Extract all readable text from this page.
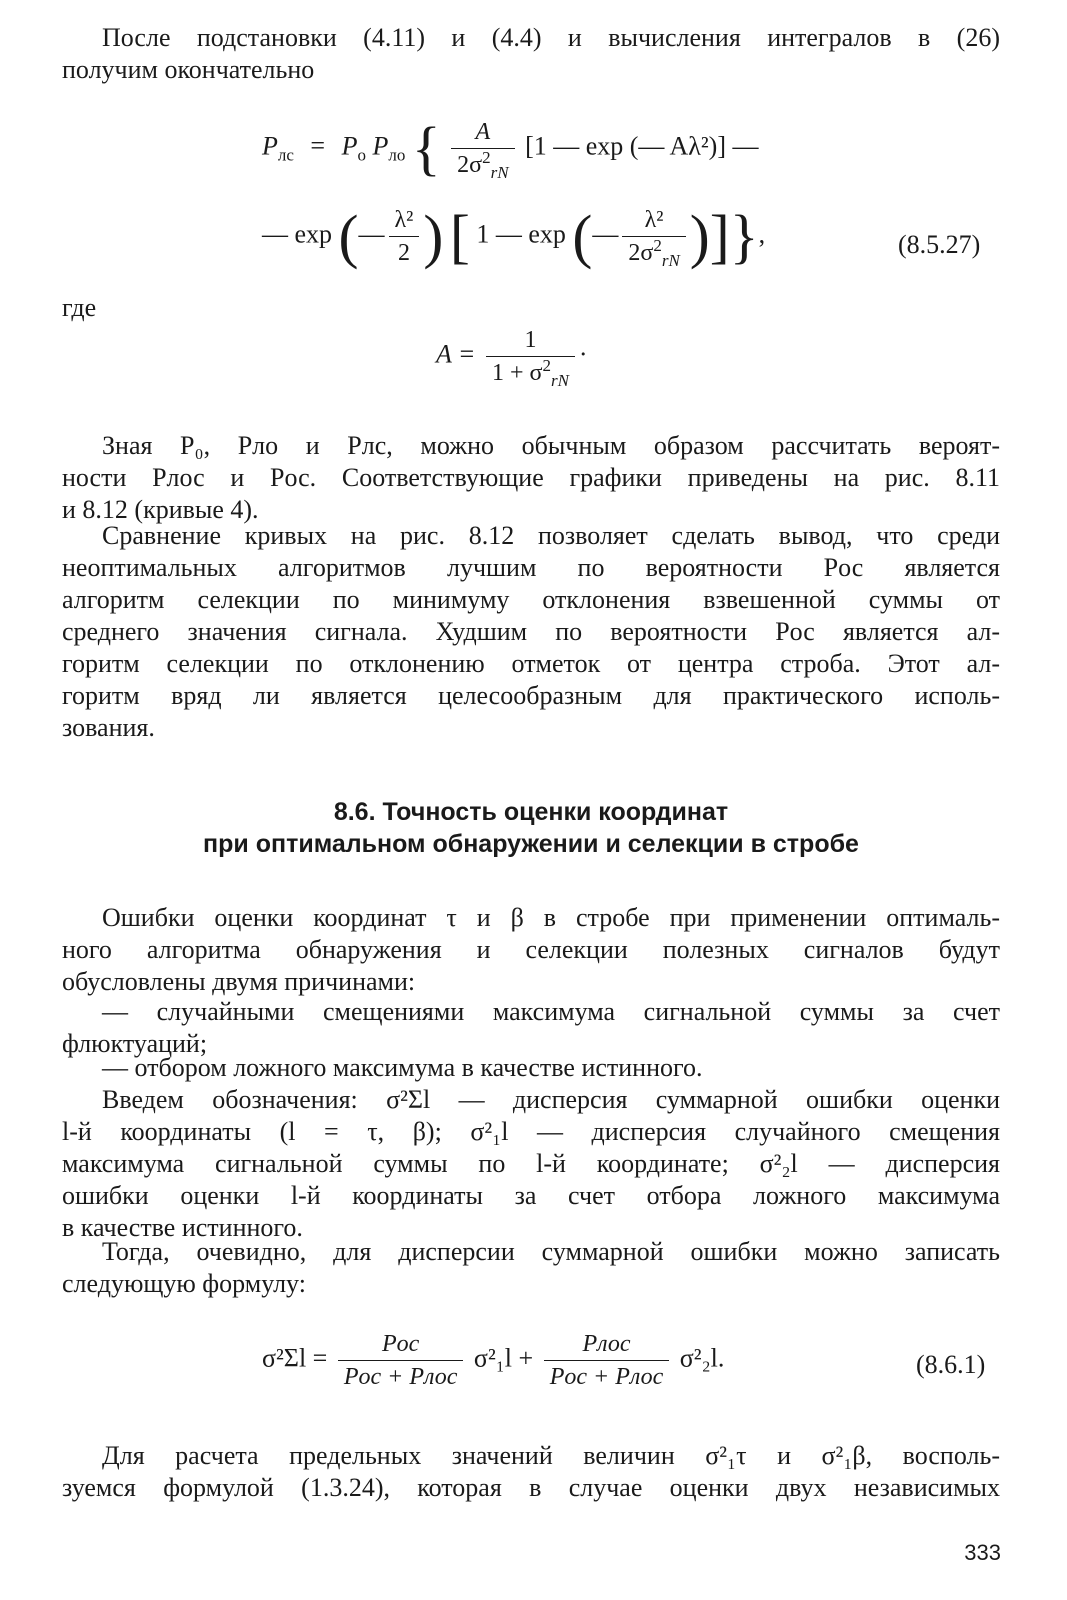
После подстановки (4.11) и (4.4) и вычисления интегралов в (26)
получим окончательно
$P_{лс} = P_о$ $P_{ло}$ { $\frac{A}{2\sigma^2_{rN}} [1$ — exp (— Aλ²)] —
— exp (— $\frac{\text{λ²}}{2}$ ) [ 1 — exp (— $\frac{\text{λ²}}{2\sigma^2_{rN}}$ )]},	(8.5.27)
где
$A = \frac{1}{1 + \sigma^2_{rN}}$ ·
Зная P₀, Pло и Pлс, можно обычным образом рассчитать вероят-
ности Pлос и Pос. Соответствующие графики приведены на рис. 8.11
и 8.12 (кривые 4).
Сравнение кривых на рис. 8.12 позволяет сделать вывод, что среди
неоптимальных алгоритмов лучшим по вероятности Pос является
алгоритм селекции по минимуму отклонения взвешенной суммы от
среднего значения сигнала. Худшим по вероятности Pос является ал-
горитм селекции по отклонению отметок от центра строба. Этот ал-
горитм вряд ли является целесообразным для практического исполь-
зования.
8.6. Точность оценки координат
при оптимальном обнаружении и селекции в стробе
Ошибки оценки координат τ и β в стробе при применении оптималь-
ного алгоритма обнаружения и селекции полезных сигналов будут
обусловлены двумя причинами:
— случайными смещениями максимума сигнальной суммы за счет
флюктуаций;
— отбором ложного максимума в качестве истинного.
Введем обозначения: σ²Σl — дисперсия суммарной ошибки оценки
l-й координаты (l = τ, β); σ²₁l — дисперсия случайного смещения
максимума сигнальной суммы по l-й координате; σ²₂l — дисперсия
ошибки оценки l-й координаты за счет отбора ложного максимума
в качестве истинного.
Тогда, очевидно, для дисперсии суммарной ошибки можно записать
следующую формулу:
$\sigma^2\Sigma l = \frac{\text{Pос}}{\text{Pос + Pлос}} \sigma^2_1l + \frac{\text{Pлос}}{\text{Pос + Pлос}} \sigma^2_2l$.	(8.6.1)
Для расчета предельных значений величин σ²₁τ и σ²₁β, восполь-
зуемся формулой (1.3.24), которая в случае оценки двух независимых
333
